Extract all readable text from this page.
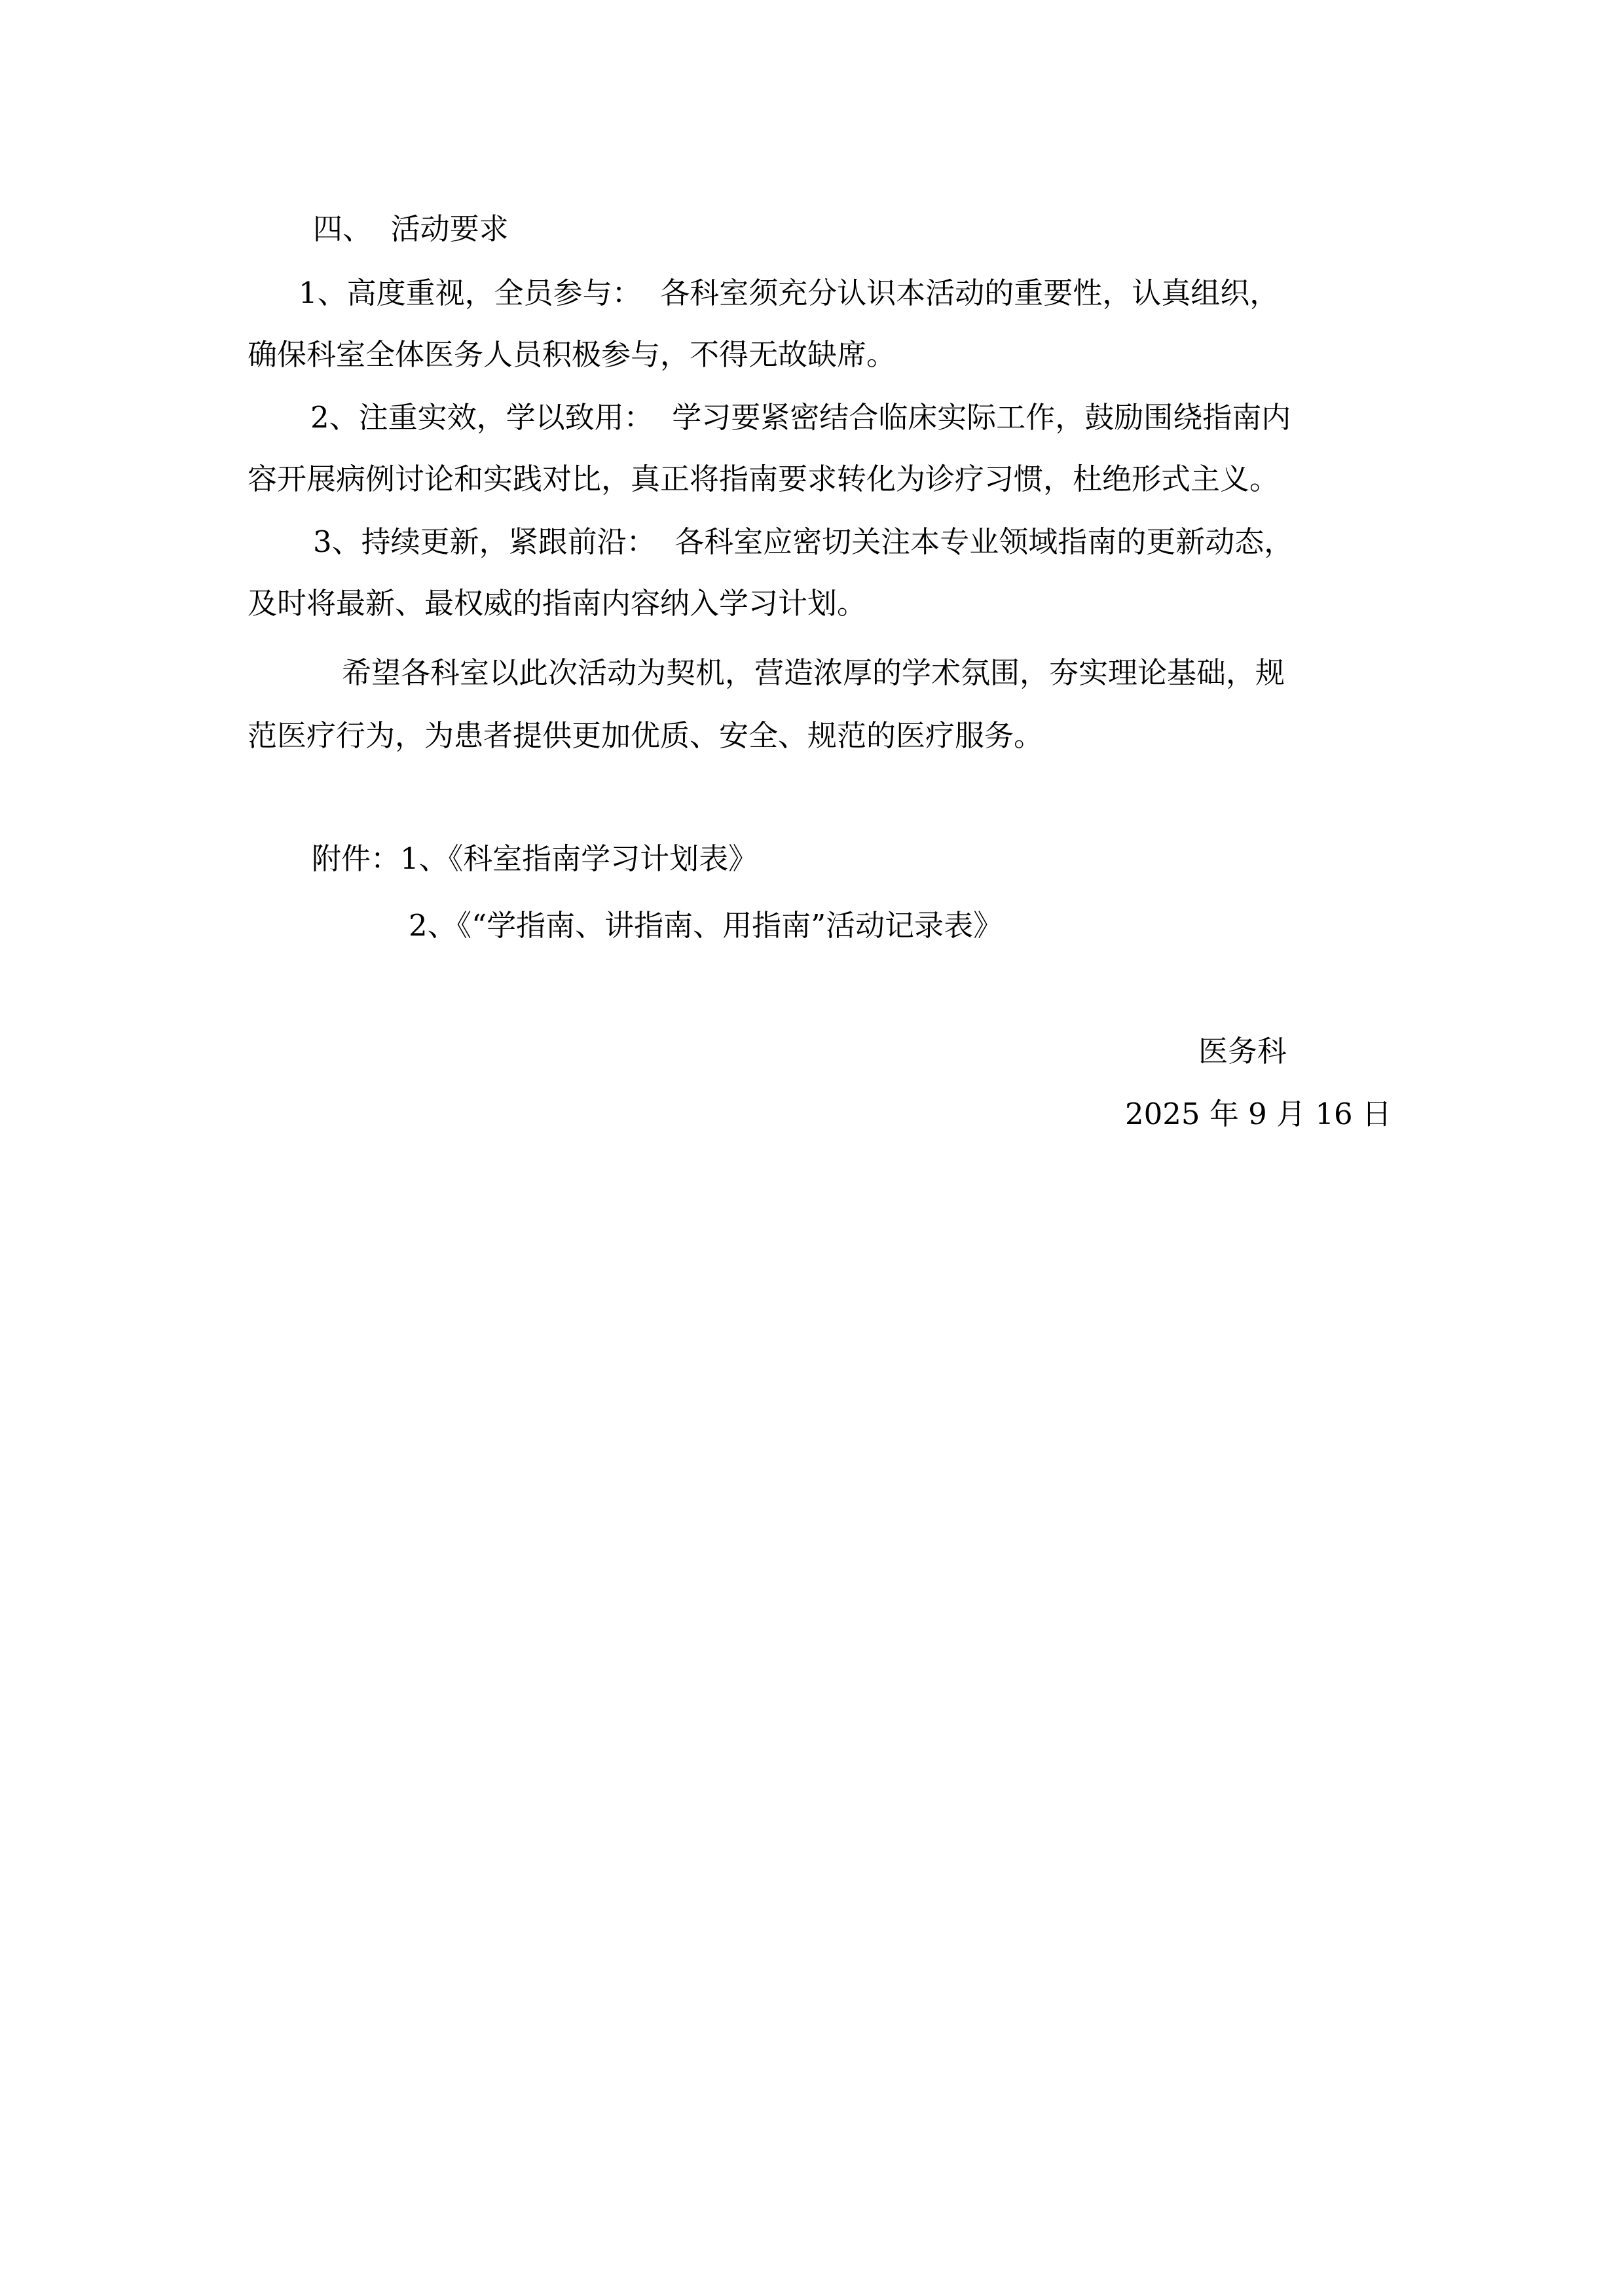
四、  活动要求
1、高度重视，全员参与：  各科室须充分认识本活动的重要性，认真组织，
确保科室全体医务人员积极参与，不得无故缺席。
2、注重实效，学以致用：  学习要紧密结合临床实际工作，鼓励围绕指南内
容开展病例讨论和实践对比，真正将指南要求转化为诊疗习惯，杜绝形式主义。
3、持续更新，紧跟前沿：  各科室应密切关注本专业领域指南的更新动态，
及时将最新、最权威的指南内容纳入学习计划。
希望各科室以此次活动为契机，营造浓厚的学术氛围，夯实理论基础，规
范医疗行为，为患者提供更加优质、安全、规范的医疗服务。
附件：1、《科室指南学习计划表》
2、《“学指南、讲指南、用指南”活动记录表》
医务科
2025 年 9 月 16 日
